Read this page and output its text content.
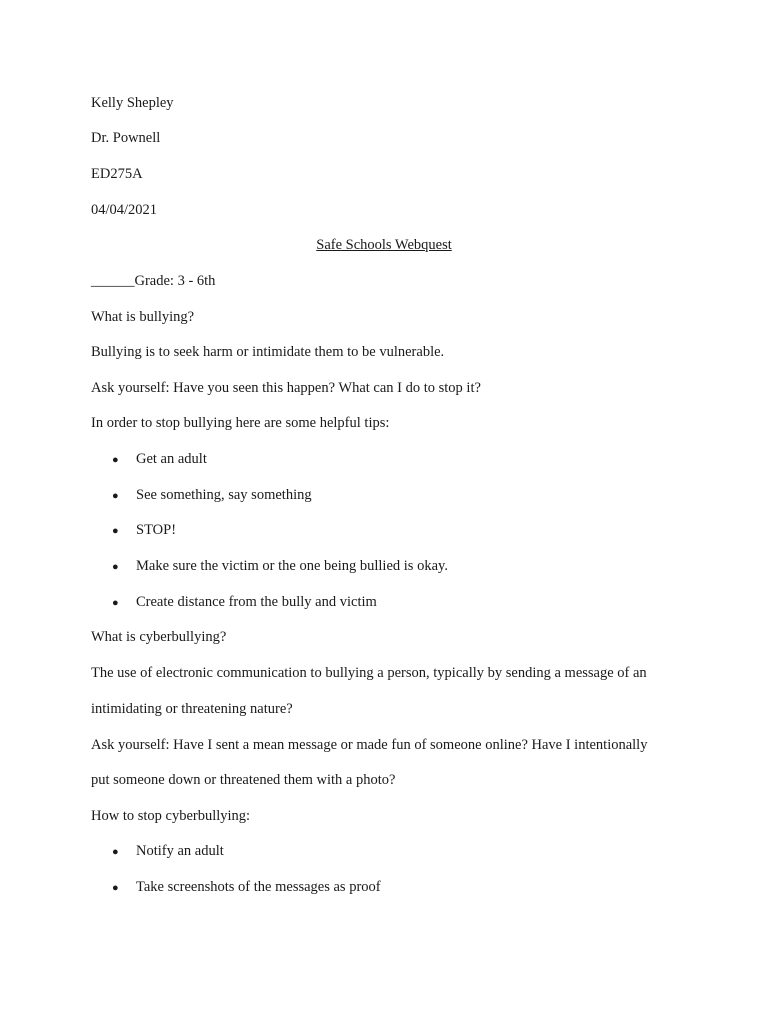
Kelly Shepley
Dr. Pownell
ED275A
04/04/2021
Safe Schools Webquest
______Grade: 3 - 6th
What is bullying?
Bullying is to seek harm or intimidate them to be vulnerable.
Ask yourself: Have you seen this happen? What can I do to stop it?
In order to stop bullying here are some helpful tips:
● Get an adult
● See something, say something
● STOP!
● Make sure the victim or the one being bullied is okay.
● Create distance from the bully and victim
What is cyberbullying?
The use of electronic communication to bullying a person, typically by sending a message of an
intimidating or threatening nature?
Ask yourself: Have I sent a mean message or made fun of someone online? Have I intentionally
put someone down or threatened them with a photo?
How to stop cyberbullying:
● Notify an adult
● Take screenshots of the messages as proof
